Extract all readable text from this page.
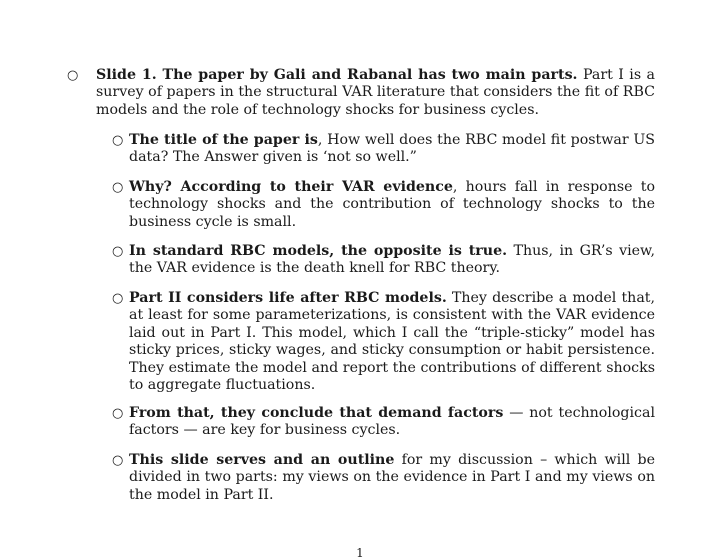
○ Slide 1. The paper by Gali and Rabanal has two main parts. Part I is a survey of papers in the structural VAR literature that considers the fit of RBC models and the role of technology shocks for business cycles.
○ The title of the paper is, How well does the RBC model fit postwar US data? The Answer given is ‘not so well.”
○ Why? According to their VAR evidence, hours fall in response to technology shocks and the contribution of technology shocks to the business cycle is small.
○ In standard RBC models, the opposite is true. Thus, in GR’s view, the VAR evidence is the death knell for RBC theory.
○ Part II considers life after RBC models. They describe a model that, at least for some parameterizations, is consistent with the VAR evidence laid out in Part I. This model, which I call the “triple-sticky” model has sticky prices, sticky wages, and sticky consumption or habit persistence. They estimate the model and report the contributions of different shocks to aggregate fluctuations.
○ From that, they conclude that demand factors — not technological factors — are key for business cycles.
○ This slide serves and an outline for my discussion – which will be divided in two parts: my views on the evidence in Part I and my views on the model in Part II.
1
